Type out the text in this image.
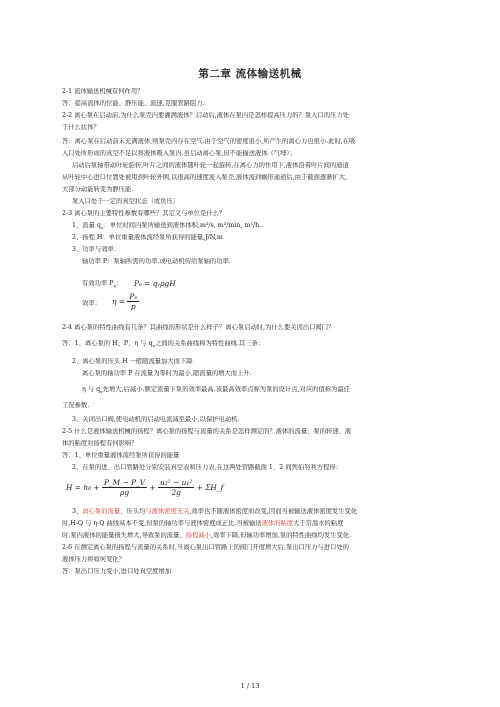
第二章 流体输送机械
2-1 流体输送机械有何作用？
答：提高流体的位能、静压能、流速,克服管路阻力.
2-2 离心泵在启动前,为什么泵壳内要灌满液体？启动后,液体在泵内是怎样提高压力的？泵入口的压力处
于什么状体？
答：离心泵在启动前未充满液体,则泵壳内存在空气.由于空气的密度很小,所产生的离心力也很小.此时,在吸
入口处所形成的真空不足以将液体吸入泵内.虽启动离心泵,但不能输送液体（气缚）；
启动后泵轴带动叶轮旋转,叶片之间的液体随叶轮一起旋转,在离心力的作用下,液体沿着叶片间的通道
从叶轮中心进口位置处被甩到叶轮外围,以很高的速度流入泵壳,液体流到蜗形通道后,由于截面逐渐扩大,
大部分动能转变为静压能.
泵入口处于一定的真空状态〔或负压〕
2-3 离心泵的主要特性参数有哪些？其定义与单位是什么？
1、流量 $q_v$：单位时间内泵所输送到液体体积,m³/s, m³/min, m³/h..
2、扬程 H：单位重量液体流经泵所获得的能量,J/N,m
3、功率与效率：
轴功率 P：泵轴所需的功率.或电动机传给泵轴的功率.
有效功率 $P_e$：	Pₑ = qᵥρgH
效率：	$\eta = \frac{\text{Pₑ}}{p}$
2-4 离心泵的特性曲线有几条？其曲线的形状是什么样子？离心泵启动时,为什么要关闭出口阀门？
答：1、离心泵的 H、P、η 与 $q_v$之间的关系曲线称为特性曲线.其三条：
2、离心泵的压头 H 一般随流量加大而下降
离心泵的轴功率 P 在流量为零时为最小,随流量的增大而上升.
η 与 $q_v$先增大,后减小.额定流量下泵的效率最高.该最高效率点称为泵的设计点,对应的值称为最佳
工况参数.
3、关闭出口阀,使电动机的启动电流减至最小,以保护电动机.
2-5 什么是液体输送机械的扬程？离心泵的扬程与流量的关系是怎样测定的？液体的流量、泵的转速、液
体的粘度对扬程有何影响？
答：1、单位重量液体流经泵所获得的能量
2、在泵的进、出口管路处分别安装真空表和压力表,在这两处管路截面 1、2 间列伯努利方程得：
$H = h_0 + \frac{P\_M - P\_V}{\rho g} + \frac{\text{u₂² − u₁²}}{2g}$ + ΣH_f
3、离心泵的流量、压头均与液体密度无关,效率也不随液体密度而改变,因而当被输送液体密度发生变化
时,H-Q 与 η-Q 曲线基本不变,但泵的轴功率与液体密度成正比.当被输送液体的粘度大于常温水的粘度
时,泵内液体的能量损失增大,导致泵的流量、扬程减小,效率下降,但轴功率增加,泵的特性曲线均发生变化.
2-6 在测定离心泵的扬程与流量的关系时,当离心泵出口管路上的阀门开度增大后,泵出口压力与进口处的
液体压力将如何变化？
答：泵出口压力变小,进口处真空度增加
1 / 13
